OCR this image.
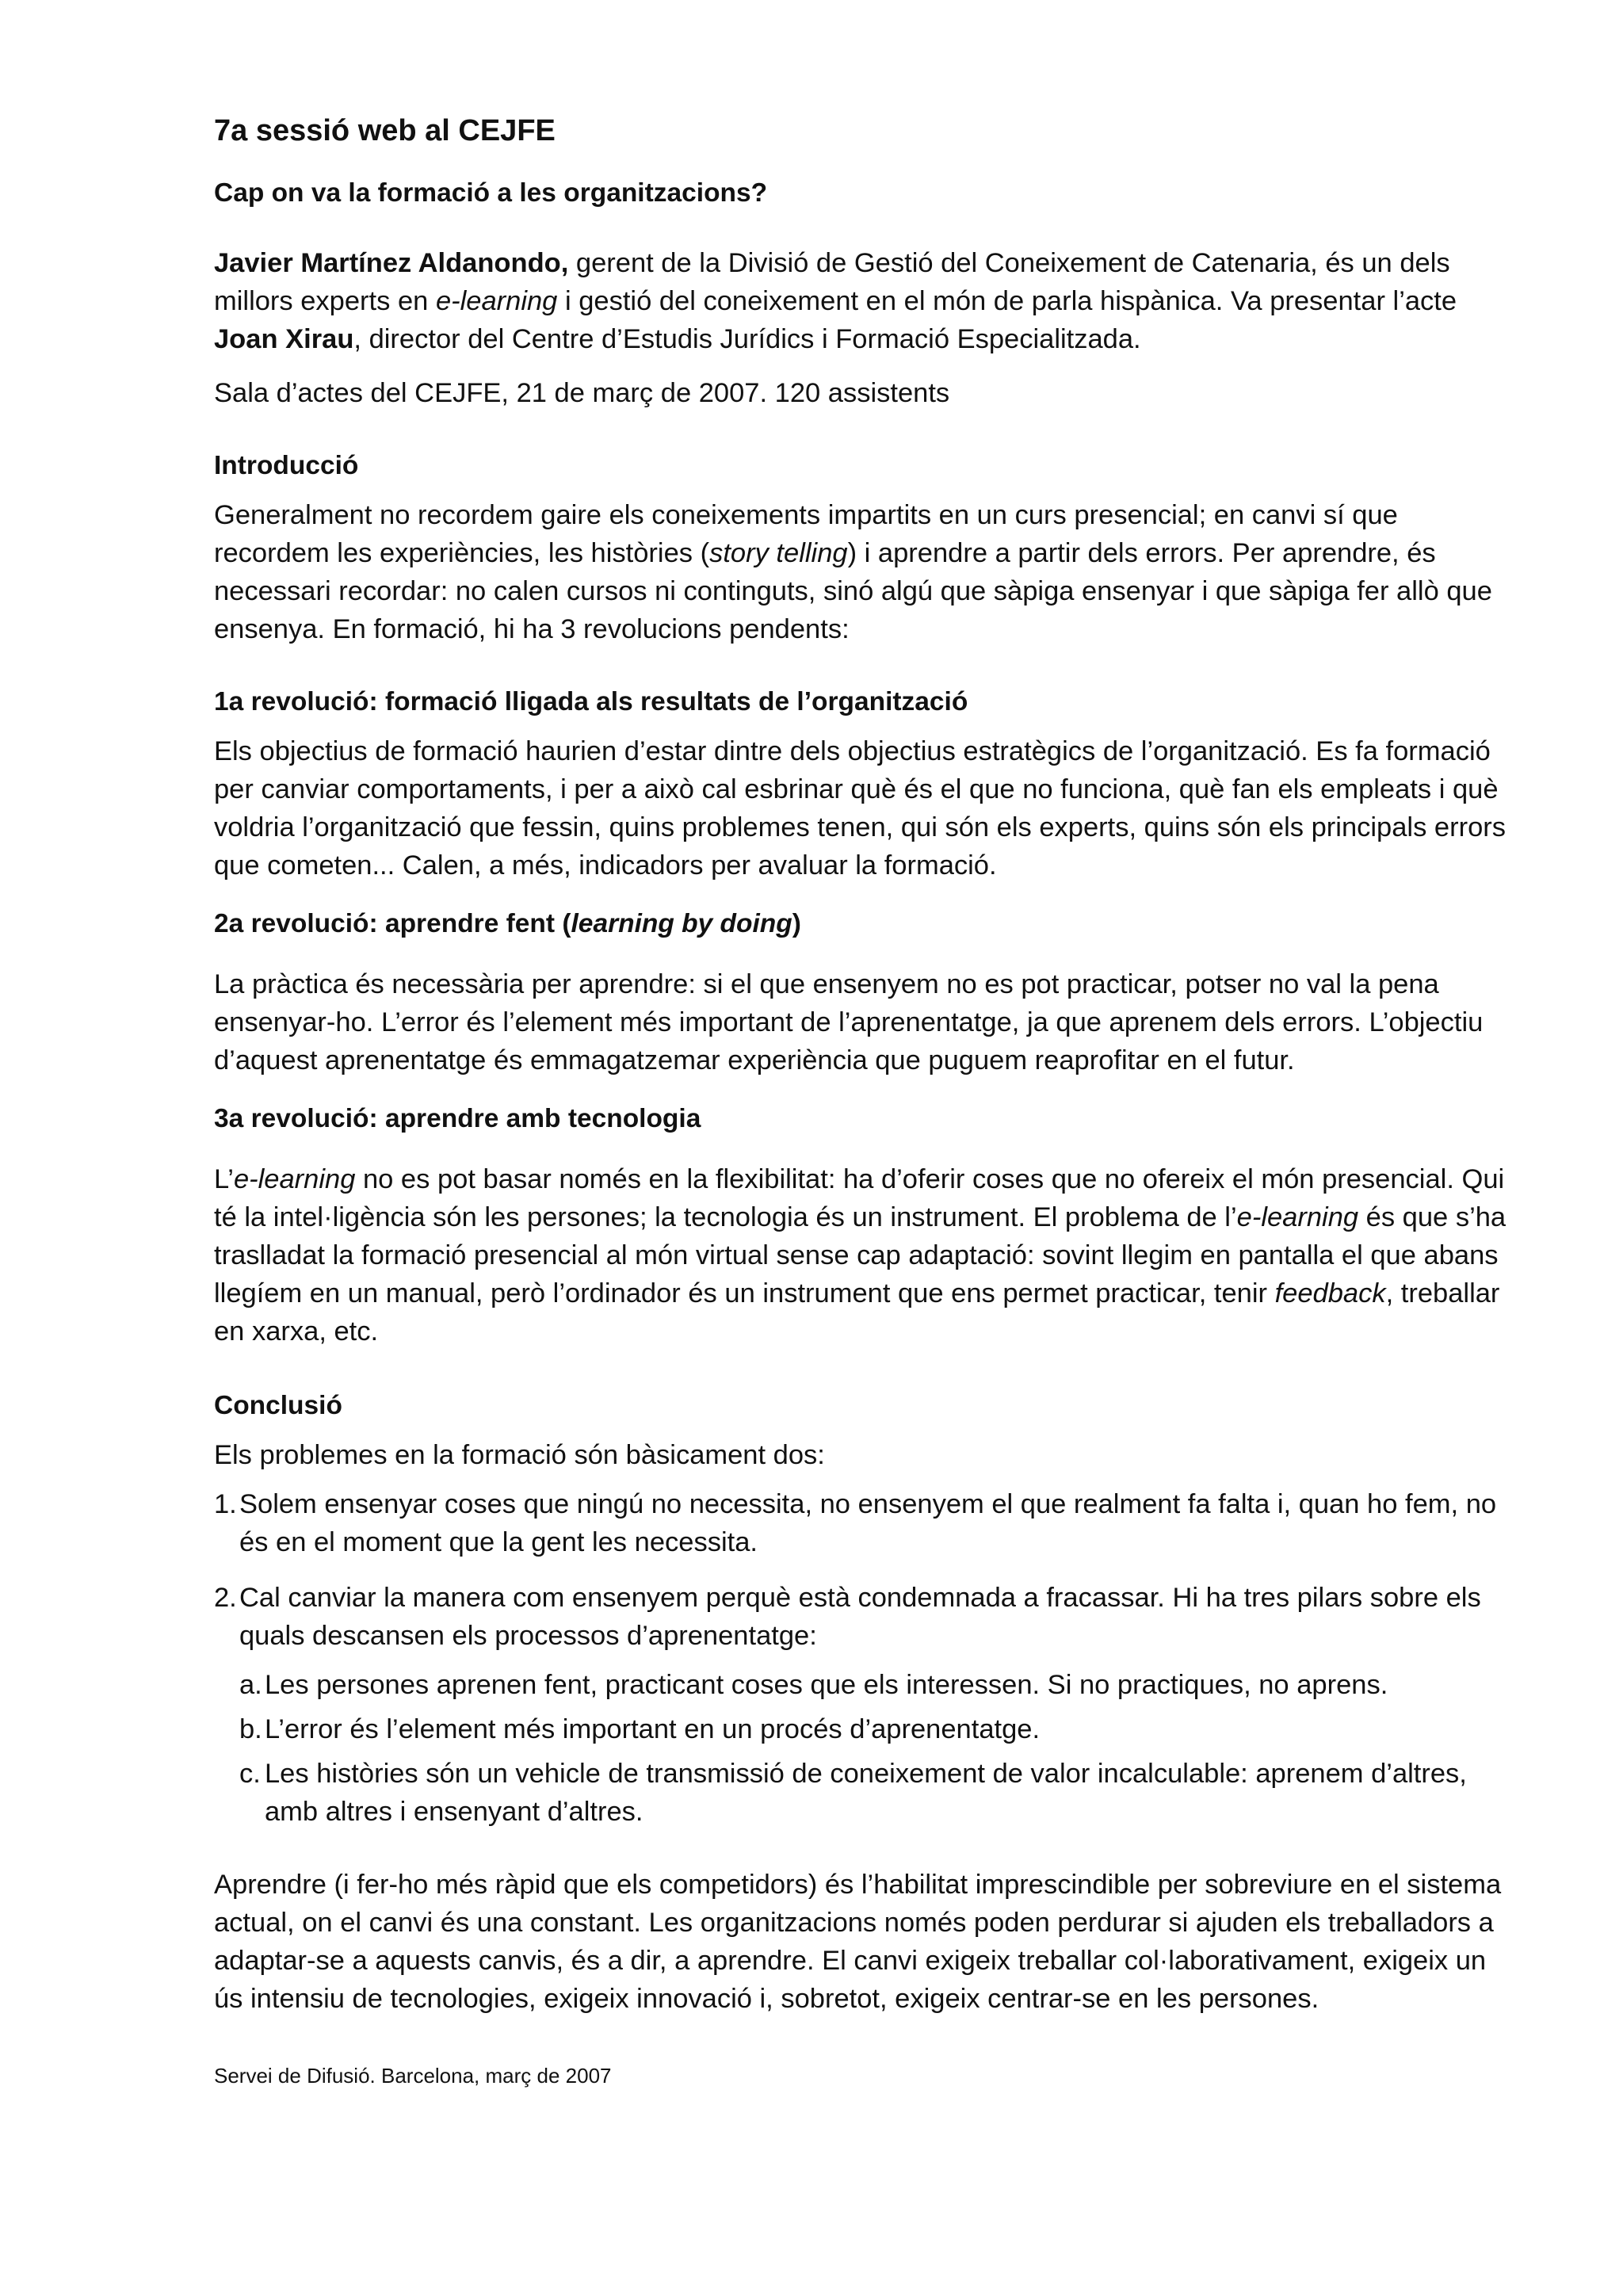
7a sessió web al CEJFE
Cap on va la formació a les organitzacions?

Javier Martínez Aldanondo, gerent de la Divisió de Gestió del Coneixement de Catenaria, és un dels millors experts en e-learning i gestió del coneixement en el món de parla hispànica. Va presentar l’acte Joan Xirau, director del Centre d’Estudis Jurídics i Formació Especialitzada.

Sala d’actes del CEJFE, 21 de març de 2007. 120 assistents

Introducció

Generalment no recordem gaire els coneixements impartits en un curs presencial; en canvi sí que recordem les experiències, les històries (story telling) i aprendre a partir dels errors. Per aprendre, és necessari recordar: no calen cursos ni continguts, sinó algú que sàpiga ensenyar i que sàpiga fer allò que ensenya. En formació, hi ha 3 revolucions pendents:

1a revolució: formació lligada als resultats de l’organització

Els objectius de formació haurien d’estar dintre dels objectius estratègics de l’organització. Es fa formació per canviar comportaments, i per a això cal esbrinar què és el que no funciona, què fan els empleats i què voldria l’organització que fessin, quins problemes tenen, qui són els experts, quins són els principals errors que cometen... Calen, a més, indicadors per avaluar la formació.

2a revolució: aprendre fent (learning by doing)

La pràctica és necessària per aprendre: si el que ensenyem no es pot practicar, potser no val la pena ensenyar-ho. L’error és l’element més important de l’aprenentatge, ja que aprenem dels errors. L’objectiu d’aquest aprenentatge és emmagatzemar experiència que puguem reaprofitar en el futur.

3a revolució: aprendre amb tecnologia

L’e-learning no es pot basar només en la flexibilitat: ha d’oferir coses que no ofereix el món presencial. Qui té la intel·ligència són les persones; la tecnologia és un instrument. El problema de l’e-learning és que s’ha traslladat la formació presencial al món virtual sense cap adaptació: sovint llegim en pantalla el que abans llegíem en un manual, però l’ordinador és un instrument que ens permet practicar, tenir feedback, treballar en xarxa, etc.

Conclusió

Els problemes en la formació són bàsicament dos:

1. Solem ensenyar coses que ningú no necessita, no ensenyem el que realment fa falta i, quan ho fem, no és en el moment que la gent les necessita.
2. Cal canviar la manera com ensenyem perquè està condemnada a fracassar. Hi ha tres pilars sobre els quals descansen els processos d’aprenentatge:
a. Les persones aprenen fent, practicant coses que els interessen. Si no practiques, no aprens.
b. L’error és l’element més important en un procés d’aprenentatge.
c. Les històries són un vehicle de transmissió de coneixement de valor incalculable: aprenem d’altres, amb altres i ensenyant d’altres.

Aprendre (i fer-ho més ràpid que els competidors) és l’habilitat imprescindible per sobreviure en el sistema actual, on el canvi és una constant. Les organitzacions només poden perdurar si ajuden els treballadors a adaptar-se a aquests canvis, és a dir, a aprendre. El canvi exigeix treballar col·laborativament, exigeix un ús intensiu de tecnologies, exigeix innovació i, sobretot, exigeix centrar-se en les persones.

Servei de Difusió. Barcelona, març de 2007
